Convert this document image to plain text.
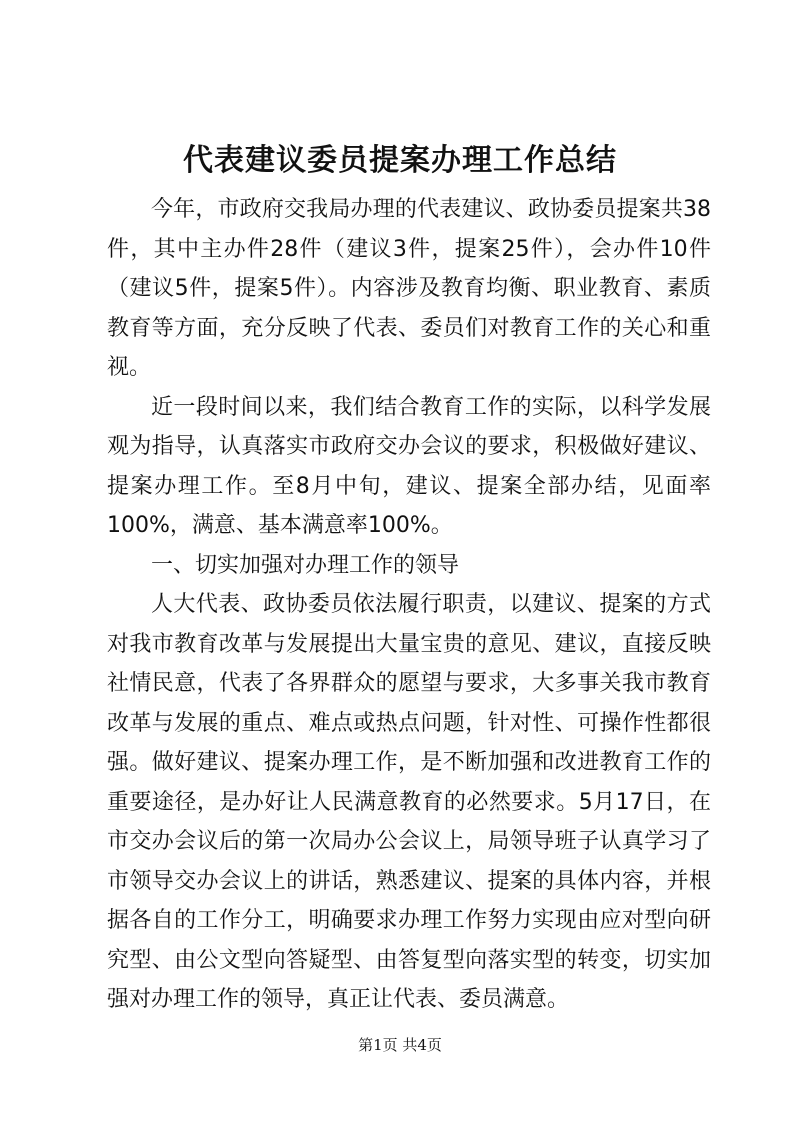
代表建议委员提案办理工作总结

今年，市政府交我局办理的代表建议、政协委员提案共38件，其中主办件28件（建议3件，提案25件），会办件10件（建议5件，提案5件）。内容涉及教育均衡、职业教育、素质教育等方面，充分反映了代表、委员们对教育工作的关心和重视。

近一段时间以来，我们结合教育工作的实际，以科学发展观为指导，认真落实市政府交办会议的要求，积极做好建议、提案办理工作。至8月中旬，建议、提案全部办结，见面率100%，满意、基本满意率100%。

一、切实加强对办理工作的领导

人大代表、政协委员依法履行职责，以建议、提案的方式对我市教育改革与发展提出大量宝贵的意见、建议，直接反映社情民意，代表了各界群众的愿望与要求，大多事关我市教育改革与发展的重点、难点或热点问题，针对性、可操作性都很强。做好建议、提案办理工作，是不断加强和改进教育工作的重要途径，是办好让人民满意教育的必然要求。5月17日，在市交办会议后的第一次局办公会议上，局领导班子认真学习了市领导交办会议上的讲话，熟悉建议、提案的具体内容，并根据各自的工作分工，明确要求办理工作努力实现由应对型向研究型、由公文型向答疑型、由答复型向落实型的转变，切实加强对办理工作的领导，真正让代表、委员满意。

第1页 共4页
